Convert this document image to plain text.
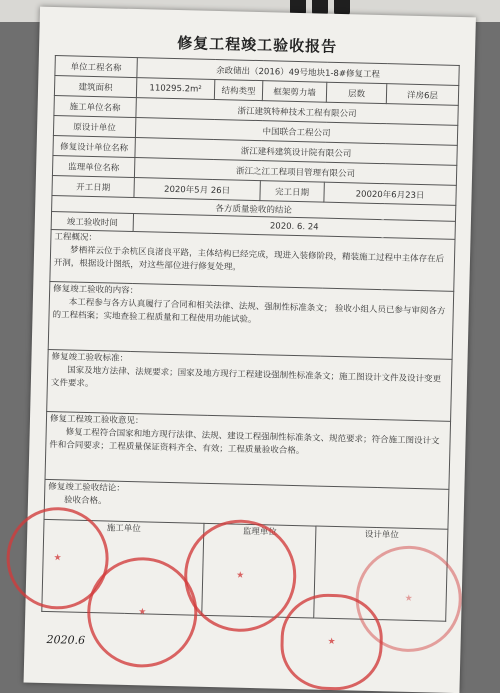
修复工程竣工验收报告
单位工程名称	余政储出（2016）49号地块1-8#修复工程				
建筑面积	110295.2m²	结构类型	框架剪力墙	层数	洋房6层
施工单位名称	浙江建筑特种技术工程有限公司				
原设计单位	中国联合工程公司				
修复设计单位名称	浙江建科建筑设计院有限公司				
监理单位名称	浙江之江工程项目管理有限公司				
开工日期	2020年5月 26日		完工日期	20020年6月23日	
各方质量验收的结论					
竣工验收时间	2020. 6. 24				

工程概况：
梦栖祥云位于余杭区良渚良平路，主体结构已经完成，现进入装修阶段，精装施工过程中主体存在后开洞，根据设计图纸，对这些部位进行修复处理。					

修复竣工验收的内容：
本工程参与各方认真履行了合同和相关法律、法规、强制性标准条文； 验收小组人员已参与审阅各方的工程档案；实地查验工程质量和工程使用功能试验。					

修复竣工验收标准：
国家及地方法律、法规要求；国家及地方现行工程建设强制性标准条文；施工图设计文件及设计变更文件要求。					

修复工程竣工验收意见：
修复工程符合国家和地方现行法律、法规、建设工程强制性标准条文、规范要求；符合施工图设计文件和合同要求；工程质量保证资料齐全、有效；工程质量验收合格。					

修复竣工验收结论：
验收合格。					

施工单位		监理单位		设计单位	
★
★
★
★
★
2020.6
